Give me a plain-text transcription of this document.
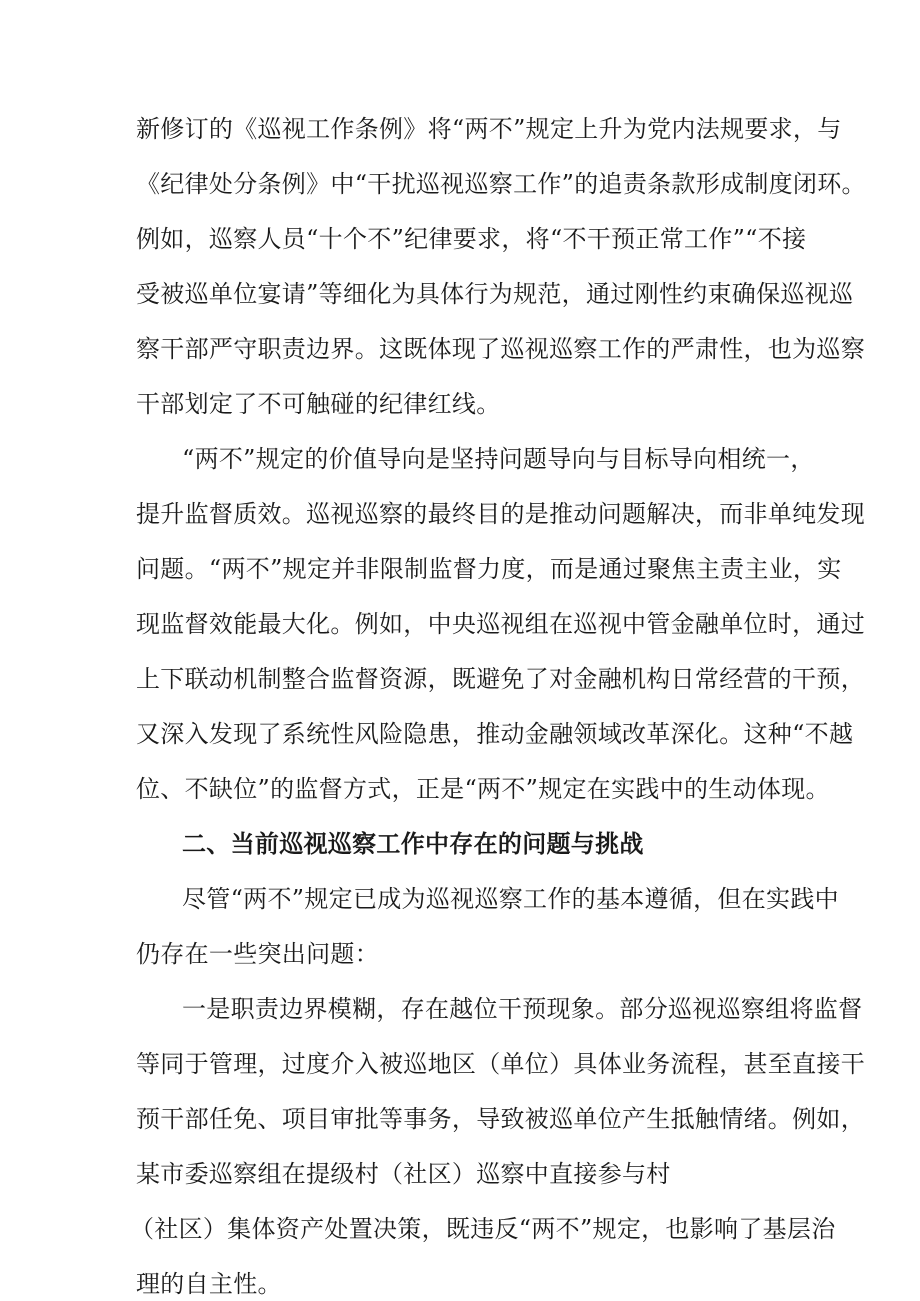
新修订的《巡视工作条例》将“两不”规定上升为党内法规要求，与
《纪律处分条例》中“干扰巡视巡察工作”的追责条款形成制度闭环。
例如，巡察人员“十个不”纪律要求，将“不干预正常工作”“不接
受被巡单位宴请”等细化为具体行为规范，通过刚性约束确保巡视巡
察干部严守职责边界。这既体现了巡视巡察工作的严肃性，也为巡察
干部划定了不可触碰的纪律红线。
“两不”规定的价值导向是坚持问题导向与目标导向相统一，
提升监督质效。巡视巡察的最终目的是推动问题解决，而非单纯发现
问题。“两不”规定并非限制监督力度，而是通过聚焦主责主业，实
现监督效能最大化。例如，中央巡视组在巡视中管金融单位时，通过
上下联动机制整合监督资源，既避免了对金融机构日常经营的干预，
又深入发现了系统性风险隐患，推动金融领域改革深化。这种“不越
位、不缺位”的监督方式，正是“两不”规定在实践中的生动体现。
二、当前巡视巡察工作中存在的问题与挑战
尽管“两不”规定已成为巡视巡察工作的基本遵循，但在实践中
仍存在一些突出问题：
一是职责边界模糊，存在越位干预现象。部分巡视巡察组将监督
等同于管理，过度介入被巡地区（单位）具体业务流程，甚至直接干
预干部任免、项目审批等事务，导致被巡单位产生抵触情绪。例如，
某市委巡察组在提级村（社区）巡察中直接参与村
（社区）集体资产处置决策，既违反“两不”规定，也影响了基层治
理的自主性。
